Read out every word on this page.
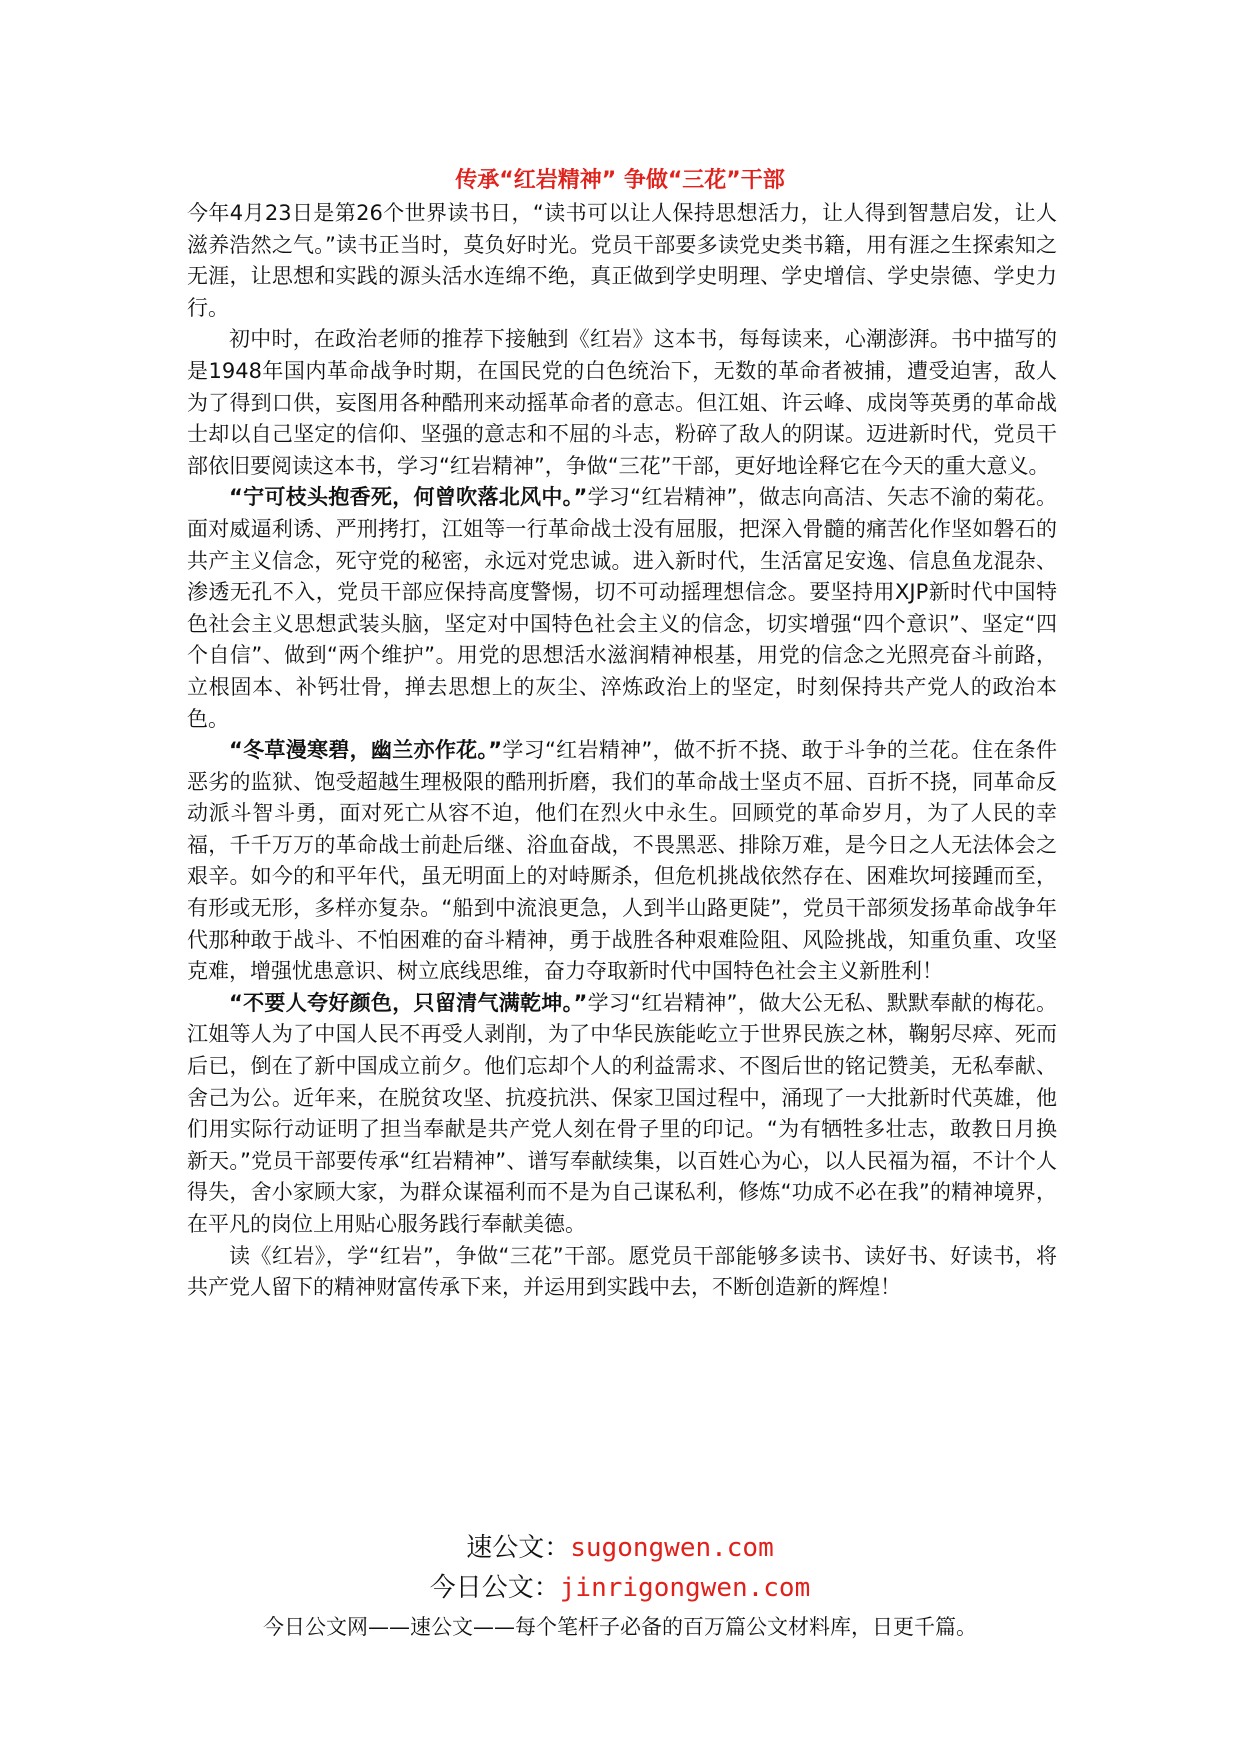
传承“红岩精神” 争做“三花”干部

今年4月23日是第26个世界读书日，“读书可以让人保持思想活力，让人得到智慧启发，让人滋养浩然之气。”读书正当时，莫负好时光。党员干部要多读党史类书籍，用有涯之生探索知之无涯，让思想和实践的源头活水连绵不绝，真正做到学史明理、学史增信、学史崇德、学史力行。

初中时，在政治老师的推荐下接触到《红岩》这本书，每每读来，心潮澎湃。书中描写的是1948年国内革命战争时期，在国民党的白色统治下，无数的革命者被捕，遭受迫害，敌人为了得到口供，妄图用各种酷刑来动摇革命者的意志。但江姐、许云峰、成岗等英勇的革命战士却以自己坚定的信仰、坚强的意志和不屈的斗志，粉碎了敌人的阴谋。迈进新时代，党员干部依旧要阅读这本书，学习“红岩精神”，争做“三花”干部，更好地诠释它在今天的重大意义。

“宁可枝头抱香死，何曾吹落北风中。”学习“红岩精神”，做志向高洁、矢志不渝的菊花。面对威逼利诱、严刑拷打，江姐等一行革命战士没有屈服，把深入骨髓的痛苦化作坚如磐石的共产主义信念，死守党的秘密，永远对党忠诚。进入新时代，生活富足安逸、信息鱼龙混杂、渗透无孔不入，党员干部应保持高度警惕，切不可动摇理想信念。要坚持用XJP新时代中国特色社会主义思想武装头脑，坚定对中国特色社会主义的信念，切实增强“四个意识”、坚定“四个自信”、做到“两个维护”。用党的思想活水滋润精神根基，用党的信念之光照亮奋斗前路，立根固本、补钙壮骨，掸去思想上的灰尘、淬炼政治上的坚定，时刻保持共产党人的政治本色。

“冬草漫寒碧，幽兰亦作花。”学习“红岩精神”，做不折不挠、敢于斗争的兰花。住在条件恶劣的监狱、饱受超越生理极限的酷刑折磨，我们的革命战士坚贞不屈、百折不挠，同革命反动派斗智斗勇，面对死亡从容不迫，他们在烈火中永生。回顾党的革命岁月，为了人民的幸福，千千万万的革命战士前赴后继、浴血奋战，不畏黑恶、排除万难，是今日之人无法体会之艰辛。如今的和平年代，虽无明面上的对峙厮杀，但危机挑战依然存在、困难坎坷接踵而至，有形或无形，多样亦复杂。“船到中流浪更急，人到半山路更陡”，党员干部须发扬革命战争年代那种敢于战斗、不怕困难的奋斗精神，勇于战胜各种艰难险阻、风险挑战，知重负重、攻坚克难，增强忧患意识、树立底线思维，奋力夺取新时代中国特色社会主义新胜利！

“不要人夸好颜色，只留清气满乾坤。”学习“红岩精神”，做大公无私、默默奉献的梅花。江姐等人为了中国人民不再受人剥削，为了中华民族能屹立于世界民族之林，鞠躬尽瘁、死而后已，倒在了新中国成立前夕。他们忘却个人的利益需求、不图后世的铭记赞美，无私奉献、舍己为公。近年来，在脱贫攻坚、抗疫抗洪、保家卫国过程中，涌现了一大批新时代英雄，他们用实际行动证明了担当奉献是共产党人刻在骨子里的印记。“为有牺牲多壮志，敢教日月换新天。”党员干部要传承“红岩精神”、谱写奉献续集，以百姓心为心，以人民福为福，不计个人得失，舍小家顾大家，为群众谋福利而不是为自己谋私利，修炼“功成不必在我”的精神境界，在平凡的岗位上用贴心服务践行奉献美德。

读《红岩》，学“红岩”，争做“三花”干部。愿党员干部能够多读书、读好书、好读书，将共产党人留下的精神财富传承下来，并运用到实践中去，不断创造新的辉煌！

速公文：sugongwen.com
今日公文：jinrigongwen.com
今日公文网——速公文——每个笔杆子必备的百万篇公文材料库，日更千篇。
